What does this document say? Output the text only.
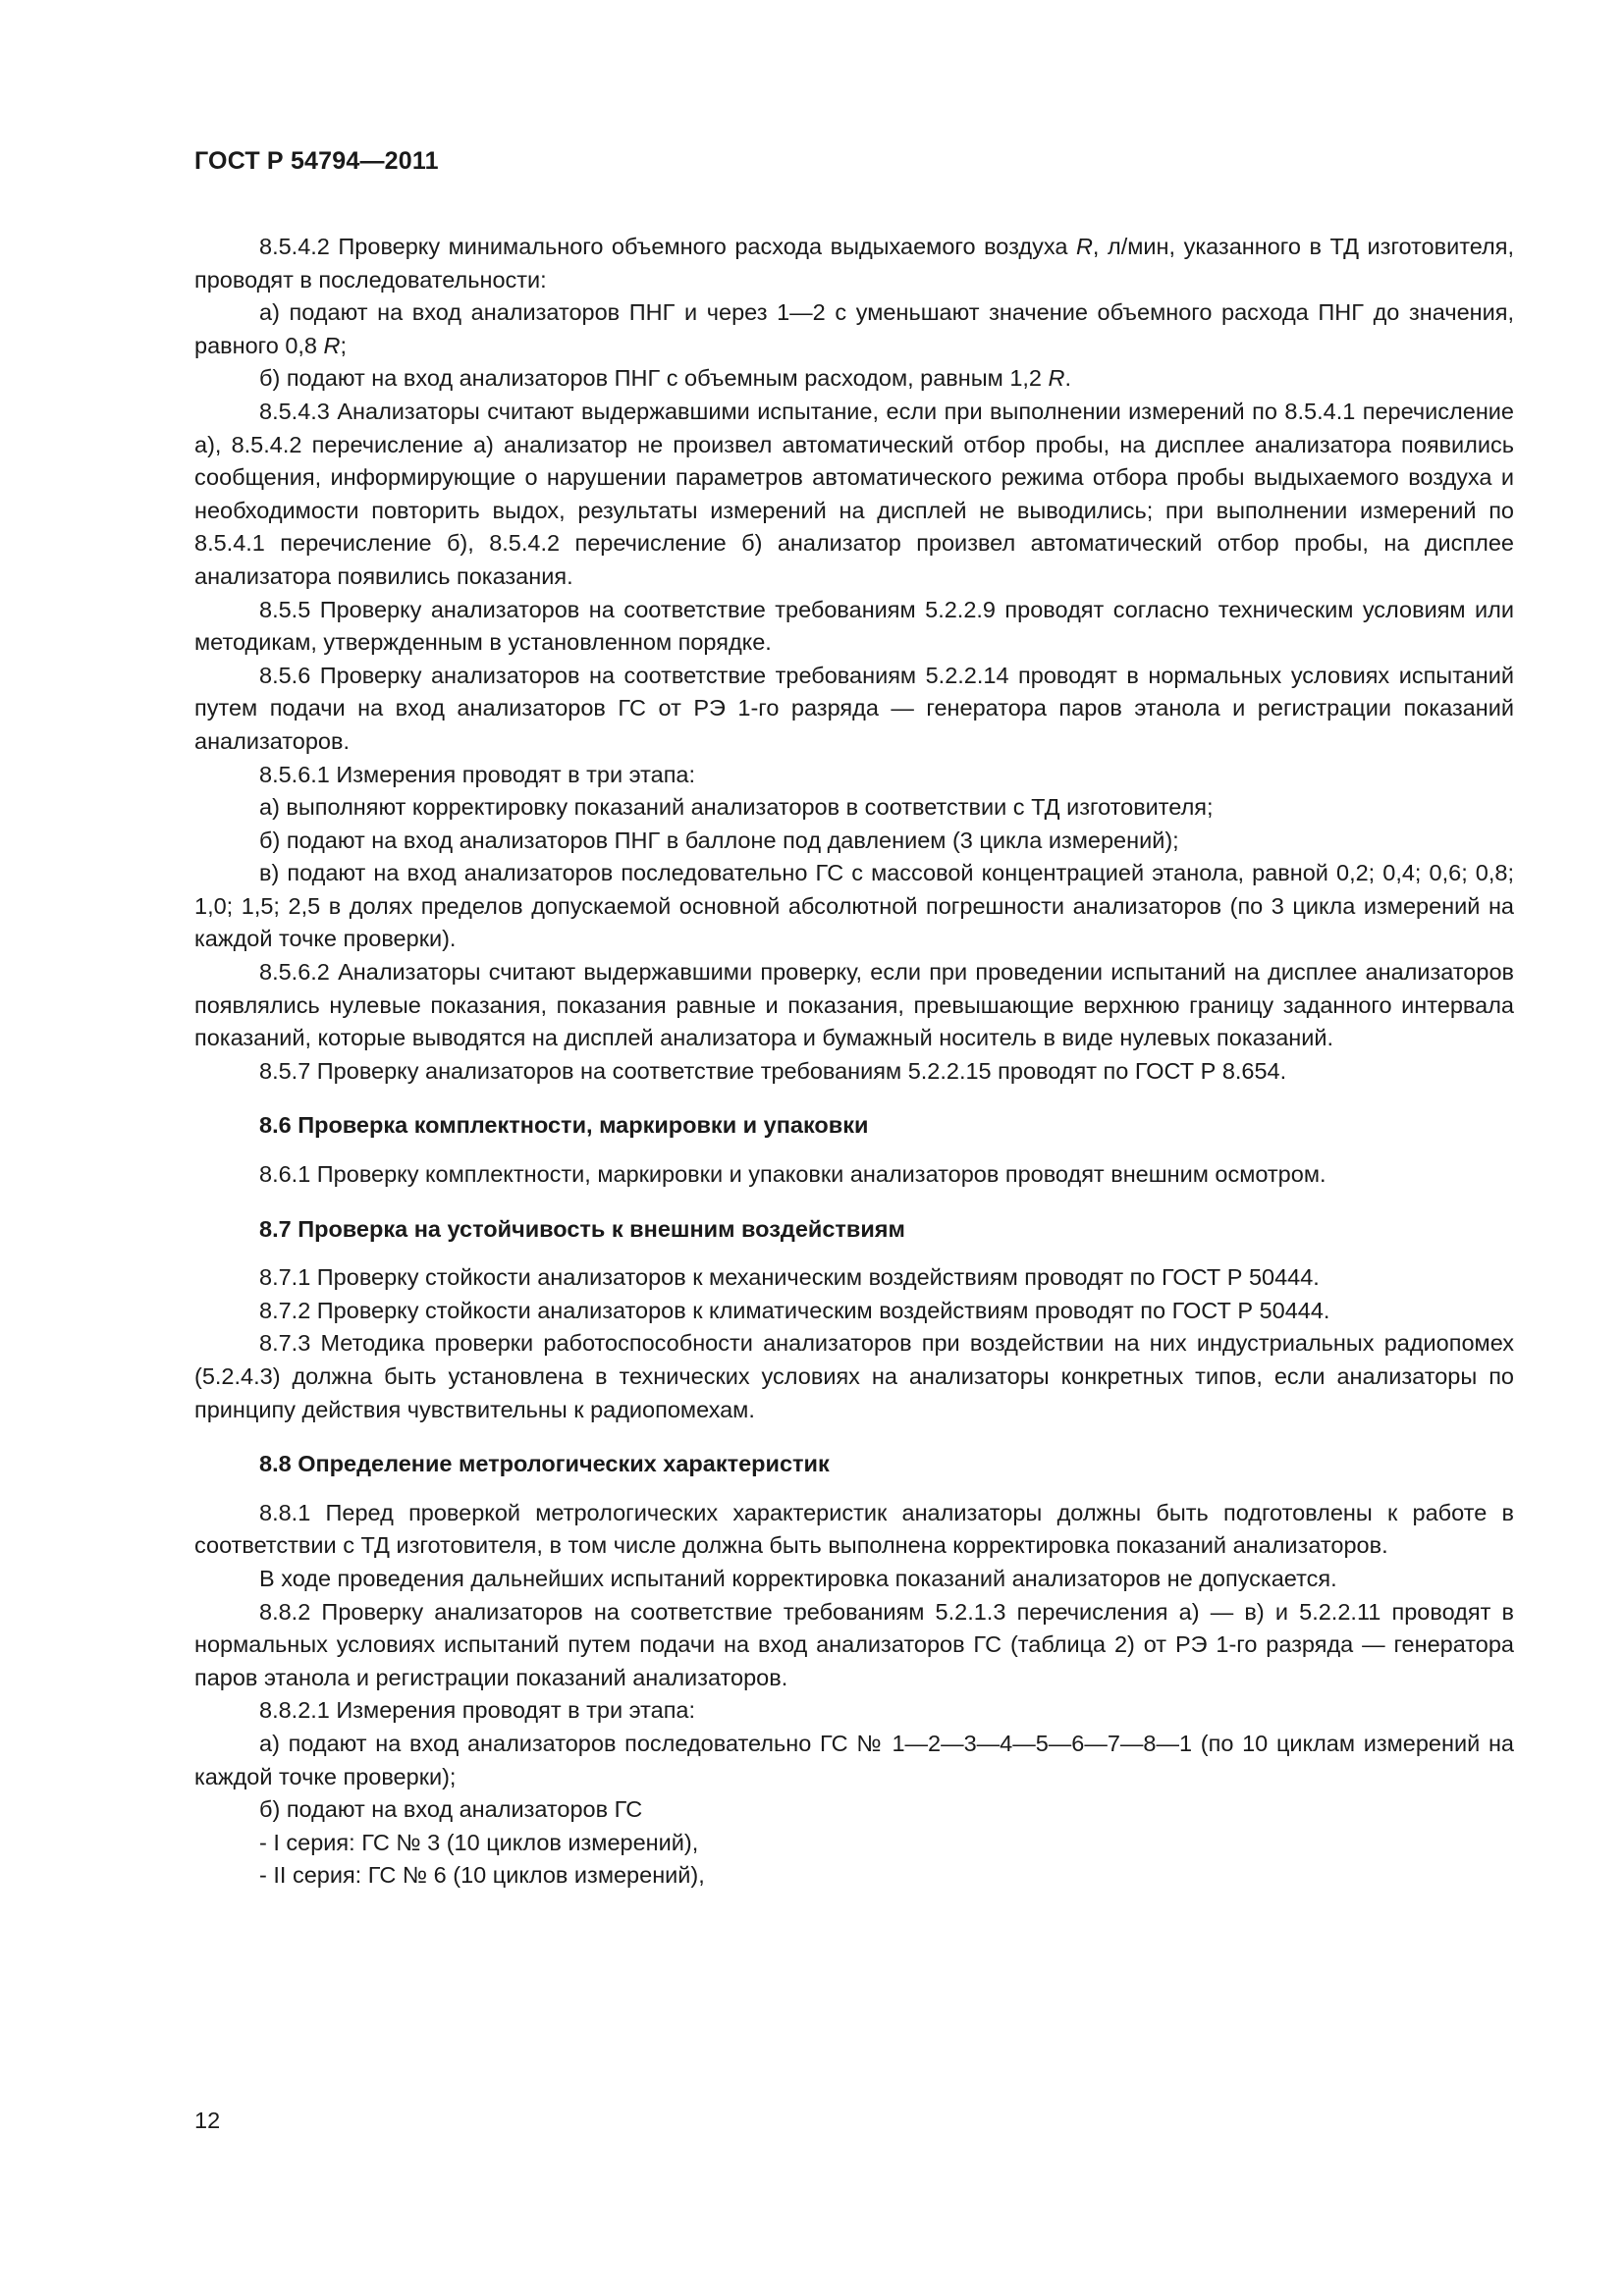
ГОСТ Р 54794—2011

8.5.4.2 Проверку минимального объемного расхода выдыхаемого воздуха R, л/мин, указанного в ТД изготовителя, проводят в последовательности:

а) подают на вход анализаторов ПНГ и через 1—2 с уменьшают значение объемного расхода ПНГ до значения, равного 0,8 R;

б) подают на вход анализаторов ПНГ с объемным расходом, равным 1,2 R.

8.5.4.3 Анализаторы считают выдержавшими испытание, если при выполнении измерений по 8.5.4.1 перечисление а), 8.5.4.2 перечисление а) анализатор не произвел автоматический отбор пробы, на дисплее анализатора появились сообщения, информирующие о нарушении параметров автоматического режима отбора пробы выдыхаемого воздуха и необходимости повторить выдох, результаты измерений на дисплей не выводились; при выполнении измерений по 8.5.4.1 перечисление б), 8.5.4.2 перечисление б) анализатор произвел автоматический отбор пробы, на дисплее анализатора появились показания.

8.5.5 Проверку анализаторов на соответствие требованиям 5.2.2.9 проводят согласно техническим условиям или методикам, утвержденным в установленном порядке.

8.5.6 Проверку анализаторов на соответствие требованиям 5.2.2.14 проводят в нормальных условиях испытаний путем подачи на вход анализаторов ГС от РЭ 1-го разряда — генератора паров этанола и регистрации показаний анализаторов.

8.5.6.1 Измерения проводят в три этапа:

а) выполняют корректировку показаний анализаторов в соответствии с ТД изготовителя;

б) подают на вход анализаторов ПНГ в баллоне под давлением (3 цикла измерений);

в) подают на вход анализаторов последовательно ГС с массовой концентрацией этанола, равной 0,2; 0,4; 0,6; 0,8; 1,0; 1,5; 2,5 в долях пределов допускаемой основной абсолютной погрешности анализаторов (по 3 цикла измерений на каждой точке проверки).

8.5.6.2 Анализаторы считают выдержавшими проверку, если при проведении испытаний на дисплее анализаторов появлялись нулевые показания, показания равные и показания, превышающие верхнюю границу заданного интервала показаний, которые выводятся на дисплей анализатора и бумажный носитель в виде нулевых показаний.

8.5.7 Проверку анализаторов на соответствие требованиям 5.2.2.15 проводят по ГОСТ Р 8.654.

8.6 Проверка комплектности, маркировки и упаковки

8.6.1 Проверку комплектности, маркировки и упаковки анализаторов проводят внешним осмотром.

8.7 Проверка на устойчивость к внешним воздействиям

8.7.1 Проверку стойкости анализаторов к механическим воздействиям проводят по ГОСТ Р 50444.

8.7.2 Проверку стойкости анализаторов к климатическим воздействиям проводят по ГОСТ Р 50444.

8.7.3 Методика проверки работоспособности анализаторов при воздействии на них индустриальных радиопомех (5.2.4.3) должна быть установлена в технических условиях на анализаторы конкретных типов, если анализаторы по принципу действия чувствительны к радиопомехам.

8.8 Определение метрологических характеристик

8.8.1 Перед проверкой метрологических характеристик анализаторы должны быть подготовлены к работе в соответствии с ТД изготовителя, в том числе должна быть выполнена корректировка показаний анализаторов.

В ходе проведения дальнейших испытаний корректировка показаний анализаторов не допускается.

8.8.2 Проверку анализаторов на соответствие требованиям 5.2.1.3 перечисления а) — в) и 5.2.2.11 проводят в нормальных условиях испытаний путем подачи на вход анализаторов ГС (таблица 2) от РЭ 1-го разряда — генератора паров этанола и регистрации показаний анализаторов.

8.8.2.1 Измерения проводят в три этапа:

а) подают на вход анализаторов последовательно ГС № 1—2—3—4—5—6—7—8—1 (по 10 циклам измерений на каждой точке проверки);

б) подают на вход анализаторов ГС

- I серия: ГС № 3 (10 циклов измерений),

- II серия: ГС № 6 (10 циклов измерений),

12
